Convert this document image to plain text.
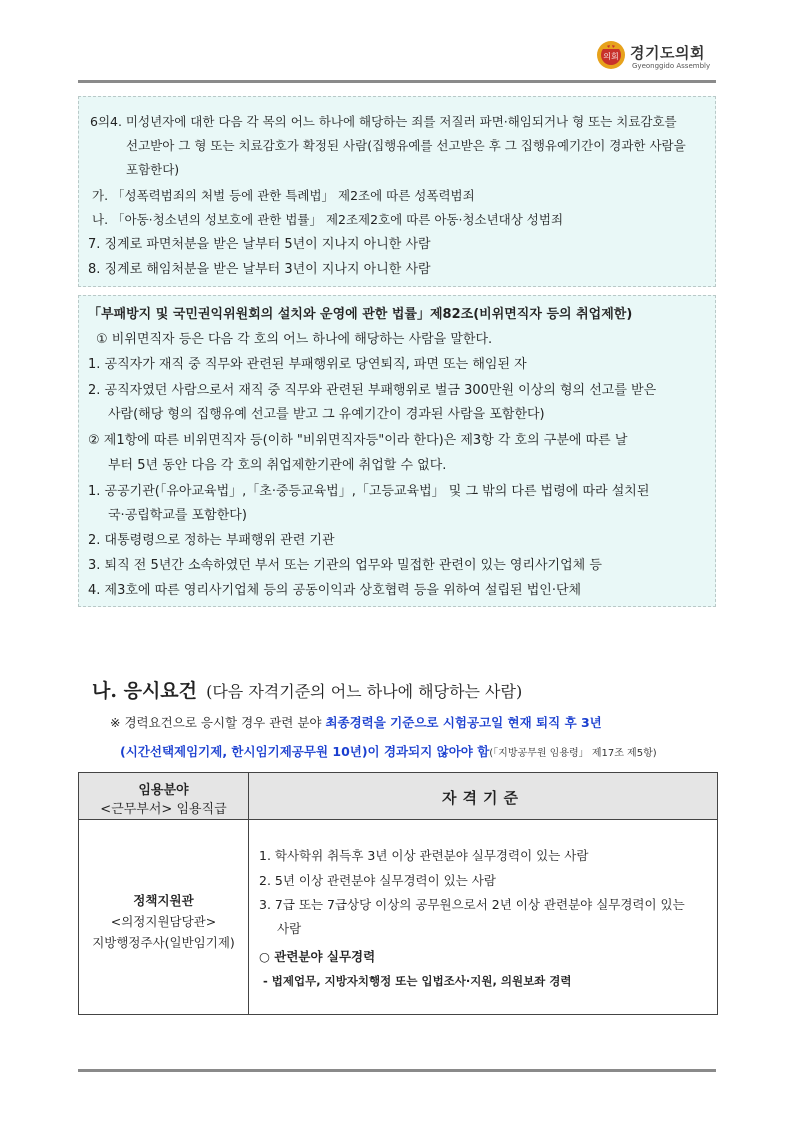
의회 경기도의회
Gyeonggido Assembly
6의4. 미성년자에 대한 다음 각 목의 어느 하나에 해당하는 죄를 저질러 파면·해임되거나 형 또는 치료감호를
선고받아 그 형 또는 치료감호가 확정된 사람(집행유예를 선고받은 후 그 집행유예기간이 경과한 사람을
포함한다)
가. 「성폭력범죄의 처벌 등에 관한 특례법」 제2조에 따른 성폭력범죄
나. 「아동·청소년의 성보호에 관한 법률」 제2조제2호에 따른 아동·청소년대상 성범죄
7. 징계로 파면처분을 받은 날부터 5년이 지나지 아니한 사람
8. 징계로 해임처분을 받은 날부터 3년이 지나지 아니한 사람
「부패방지 및 국민권익위원회의 설치와 운영에 관한 법률」제82조(비위면직자 등의 취업제한)
① 비위면직자 등은 다음 각 호의 어느 하나에 해당하는 사람을 말한다.
1. 공직자가 재직 중 직무와 관련된 부패행위로 당연퇴직, 파면 또는 해임된 자
2. 공직자였던 사람으로서 재직 중 직무와 관련된 부패행위로 벌금 300만원 이상의 형의 선고를 받은
사람(해당 형의 집행유예 선고를 받고 그 유예기간이 경과된 사람을 포함한다)
② 제1항에 따른 비위면직자 등(이하 "비위면직자등"이라 한다)은 제3항 각 호의 구분에 따른 날
부터 5년 동안 다음 각 호의 취업제한기관에 취업할 수 없다.
1. 공공기관(「유아교육법」,「초·중등교육법」,「고등교육법」 및 그 밖의 다른 법령에 따라 설치된
국·공립학교를 포함한다)
2. 대통령령으로 정하는 부패행위 관련 기관
3. 퇴직 전 5년간 소속하였던 부서 또는 기관의 업무와 밀접한 관련이 있는 영리사기업체 등
4. 제3호에 따른 영리사기업체 등의 공동이익과 상호협력 등을 위하여 설립된 법인·단체
나. 응시요건 (다음 자격기준의 어느 하나에 해당하는 사람)
※ 경력요건으로 응시할 경우 관련 분야 최종경력을 기준으로 시험공고일 현재 퇴직 후 3년
(시간선택제임기제, 한시임기제공무원 10년)이 경과되지 않아야 함(「지방공무원 임용령」 제17조 제5항)
임용분야
<근무부서> 임용직급
자격기준
정책지원관
<의정지원담당관>
지방행정주사(일반임기제)
1. 학사학위 취득후 3년 이상 관련분야 실무경력이 있는 사람
2. 5년 이상 관련분야 실무경력이 있는 사람
3. 7급 또는 7급상당 이상의 공무원으로서 2년 이상 관련분야 실무경력이 있는
사람
○ 관련분야 실무경력
- 법제업무, 지방자치행정 또는 입법조사·지원, 의원보좌 경력
